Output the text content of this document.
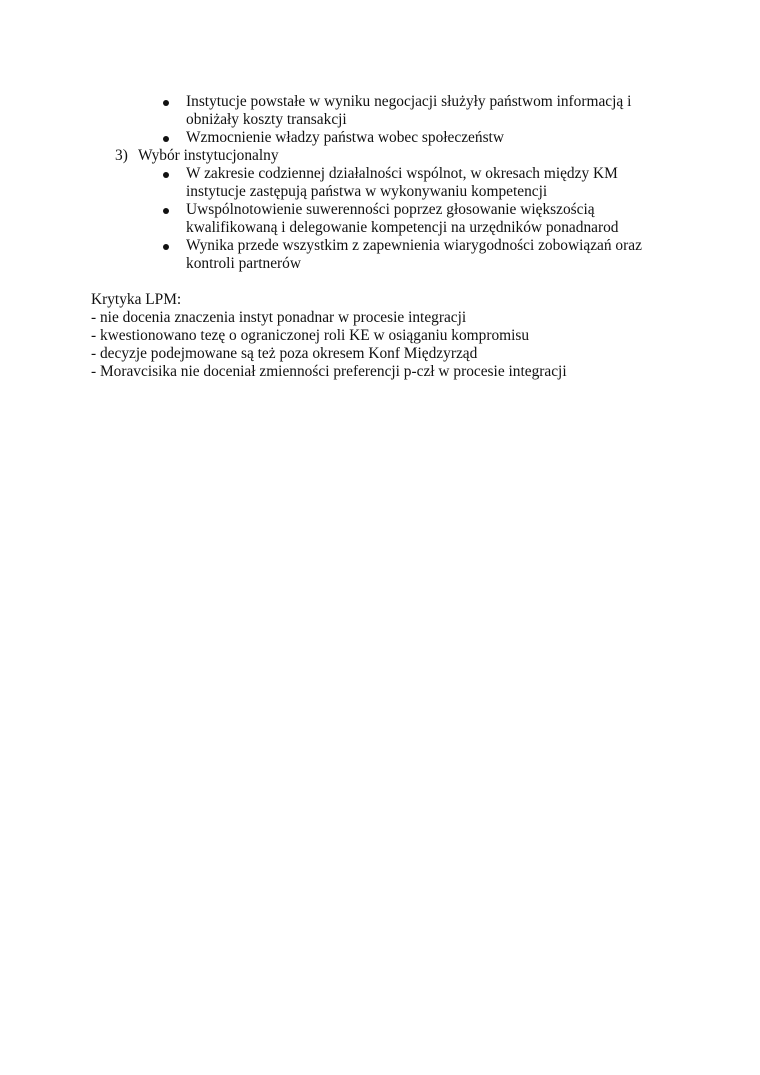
Instytucje powstałe w wyniku negocjacji służyły państwom informacją i
obniżały koszty transakcji
Wzmocnienie władzy państwa wobec społeczeństw
3) Wybór instytucjonalny
W zakresie codziennej działalności wspólnot, w okresach między KM
instytucje zastępują państwa w wykonywaniu kompetencji
Uwspólnotowienie suwerenności poprzez głosowanie większością
kwalifikowaną i delegowanie kompetencji na urzędników ponadnarod
Wynika przede wszystkim z zapewnienia wiarygodności zobowiązań oraz
kontroli partnerów
Krytyka LPM:
- nie docenia znaczenia instyt ponadnar w procesie integracji
- kwestionowano tezę o ograniczonej roli KE w osiąganiu kompromisu
- decyzje podejmowane są też poza okresem Konf Międzyrząd
- Moravcisika nie doceniał zmienności preferencji p-czł w procesie integracji
